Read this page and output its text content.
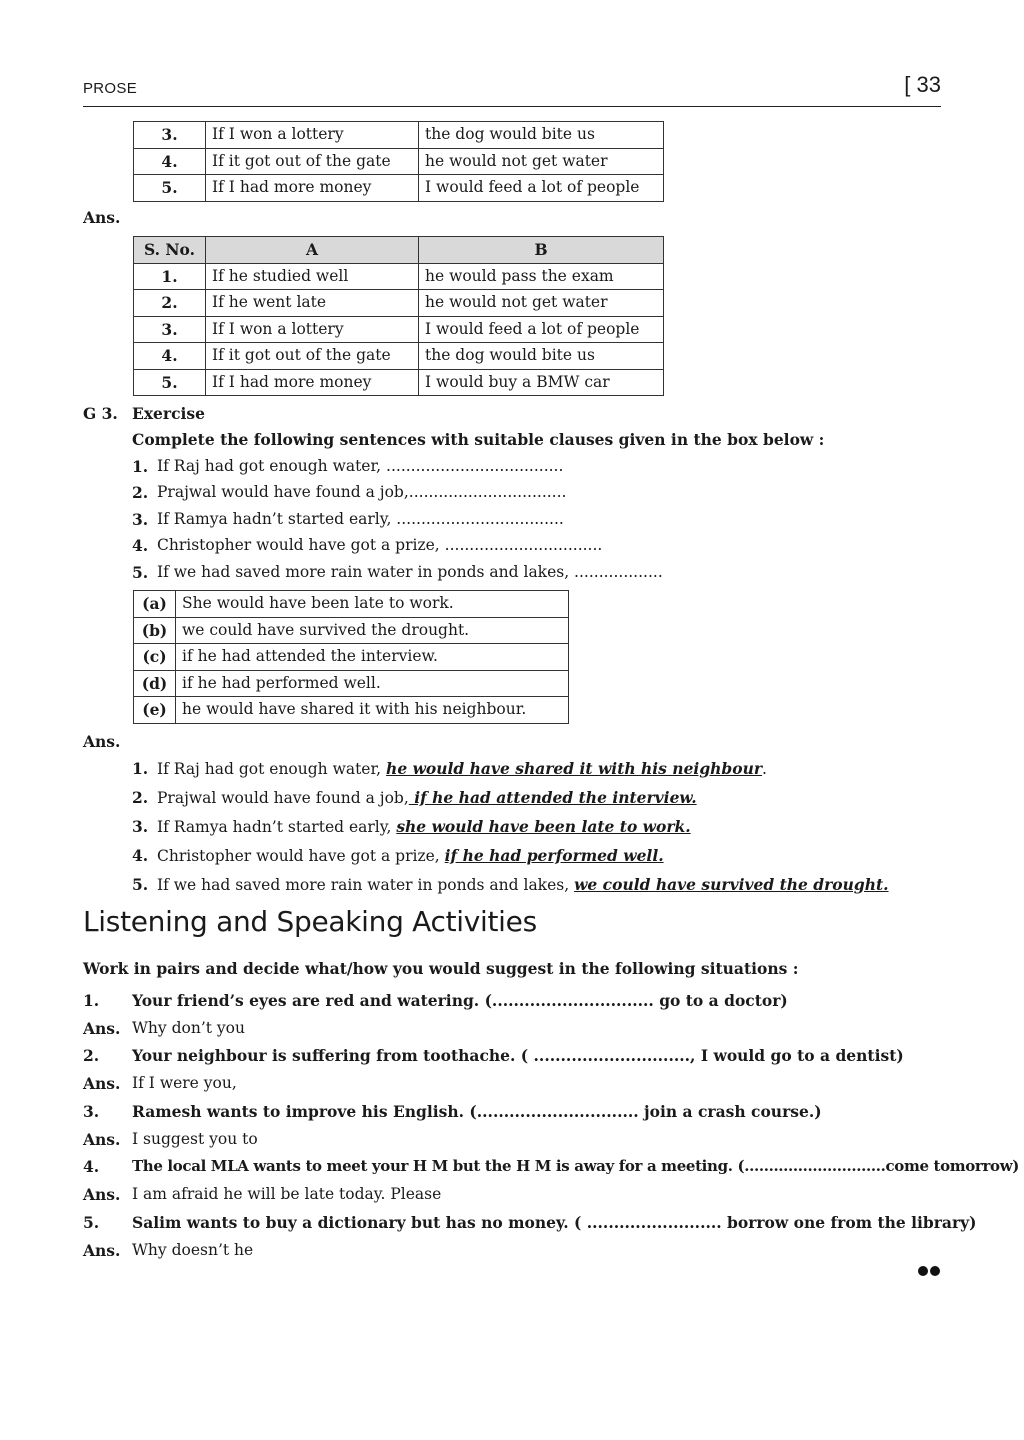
PROSE	[ 33
3.	If I won a lottery	the dog would bite us
4.	If it got out of the gate	he would not get water
5.	If I had more money	I would feed a lot of people
Ans.
S. No.	A	B
1.	If he studied well	he would pass the exam
2.	If he went late	he would not get water
3.	If I won a lottery	I would feed a lot of people
4.	If it got out of the gate	the dog would bite us
5.	If I had more money	I would buy a BMW car
G 3. Exercise
Complete the following sentences with suitable clauses given in the box below :
1. If Raj had got enough water, ....................................
2. Prajwal would have found a job,................................
3. If Ramya hadn’t started early, ..................................
4. Christopher would have got a prize, ................................
5. If we had saved more rain water in ponds and lakes, ..................
(a)	She would have been late to work.
(b)	we could have survived the drought.
(c)	if he had attended the interview.
(d)	if he had performed well.
(e)	he would have shared it with his neighbour.
Ans.
1. If Raj had got enough water, he would have shared it with his neighbour.
2. Prajwal would have found a job, if he had attended the interview.
3. If Ramya hadn’t started early, she would have been late to work.
4. Christopher would have got a prize, if he had performed well.
5. If we had saved more rain water in ponds and lakes, we could have survived the drought.
Listening and Speaking Activities
Work in pairs and decide what/how you would suggest in the following situations :
1. Your friend’s eyes are red and watering. (.............................. go to a doctor)
Ans. Why don’t you
2. Your neighbour is suffering from toothache. ( ............................., I would go to a dentist)
Ans. If I were you,
3. Ramesh wants to improve his English. (.............................. join a crash course.)
Ans. I suggest you to
4. The local MLA wants to meet your H M but the H M is away for a meeting. (.............................come tomorrow)
Ans. I am afraid he will be late today. Please
5. Salim wants to buy a dictionary but has no money. ( ......................... borrow one from the library)
Ans. Why doesn’t he
